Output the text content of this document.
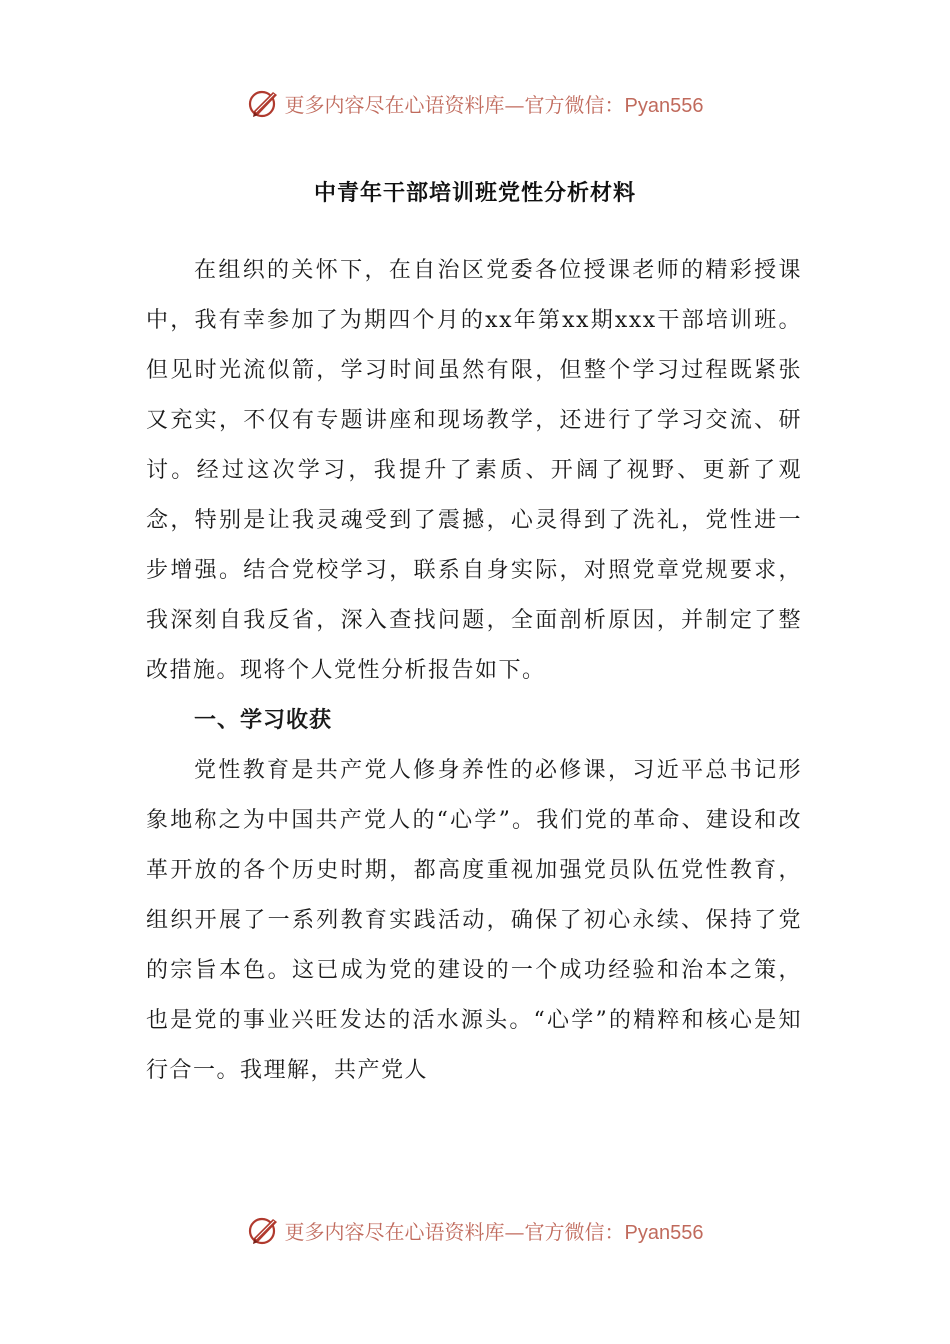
更多内容尽在心语资料库—官方微信：Pyan556
中青年干部培训班党性分析材料

在组织的关怀下，在自治区党委各位授课老师的精彩授课中，我有幸参加了为期四个月的xx年第xx期xxx干部培训班。但见时光流似箭，学习时间虽然有限，但整个学习过程既紧张又充实，不仅有专题讲座和现场教学，还进行了学习交流、研讨。经过这次学习，我提升了素质、开阔了视野、更新了观念，特别是让我灵魂受到了震撼，心灵得到了洗礼，党性进一步增强。结合党校学习，联系自身实际，对照党章党规要求，我深刻自我反省，深入查找问题，全面剖析原因，并制定了整改措施。现将个人党性分析报告如下。

一、学习收获

党性教育是共产党人修身养性的必修课，习近平总书记形象地称之为中国共产党人的“心学”。我们党的革命、建设和改革开放的各个历史时期，都高度重视加强党员队伍党性教育，组织开展了一系列教育实践活动，确保了初心永续、保持了党的宗旨本色。这已成为党的建设的一个成功经验和治本之策，也是党的事业兴旺发达的活水源头。“心学”的精粹和核心是知行合一。我理解，共产党人

更多内容尽在心语资料库—官方微信：Pyan556
